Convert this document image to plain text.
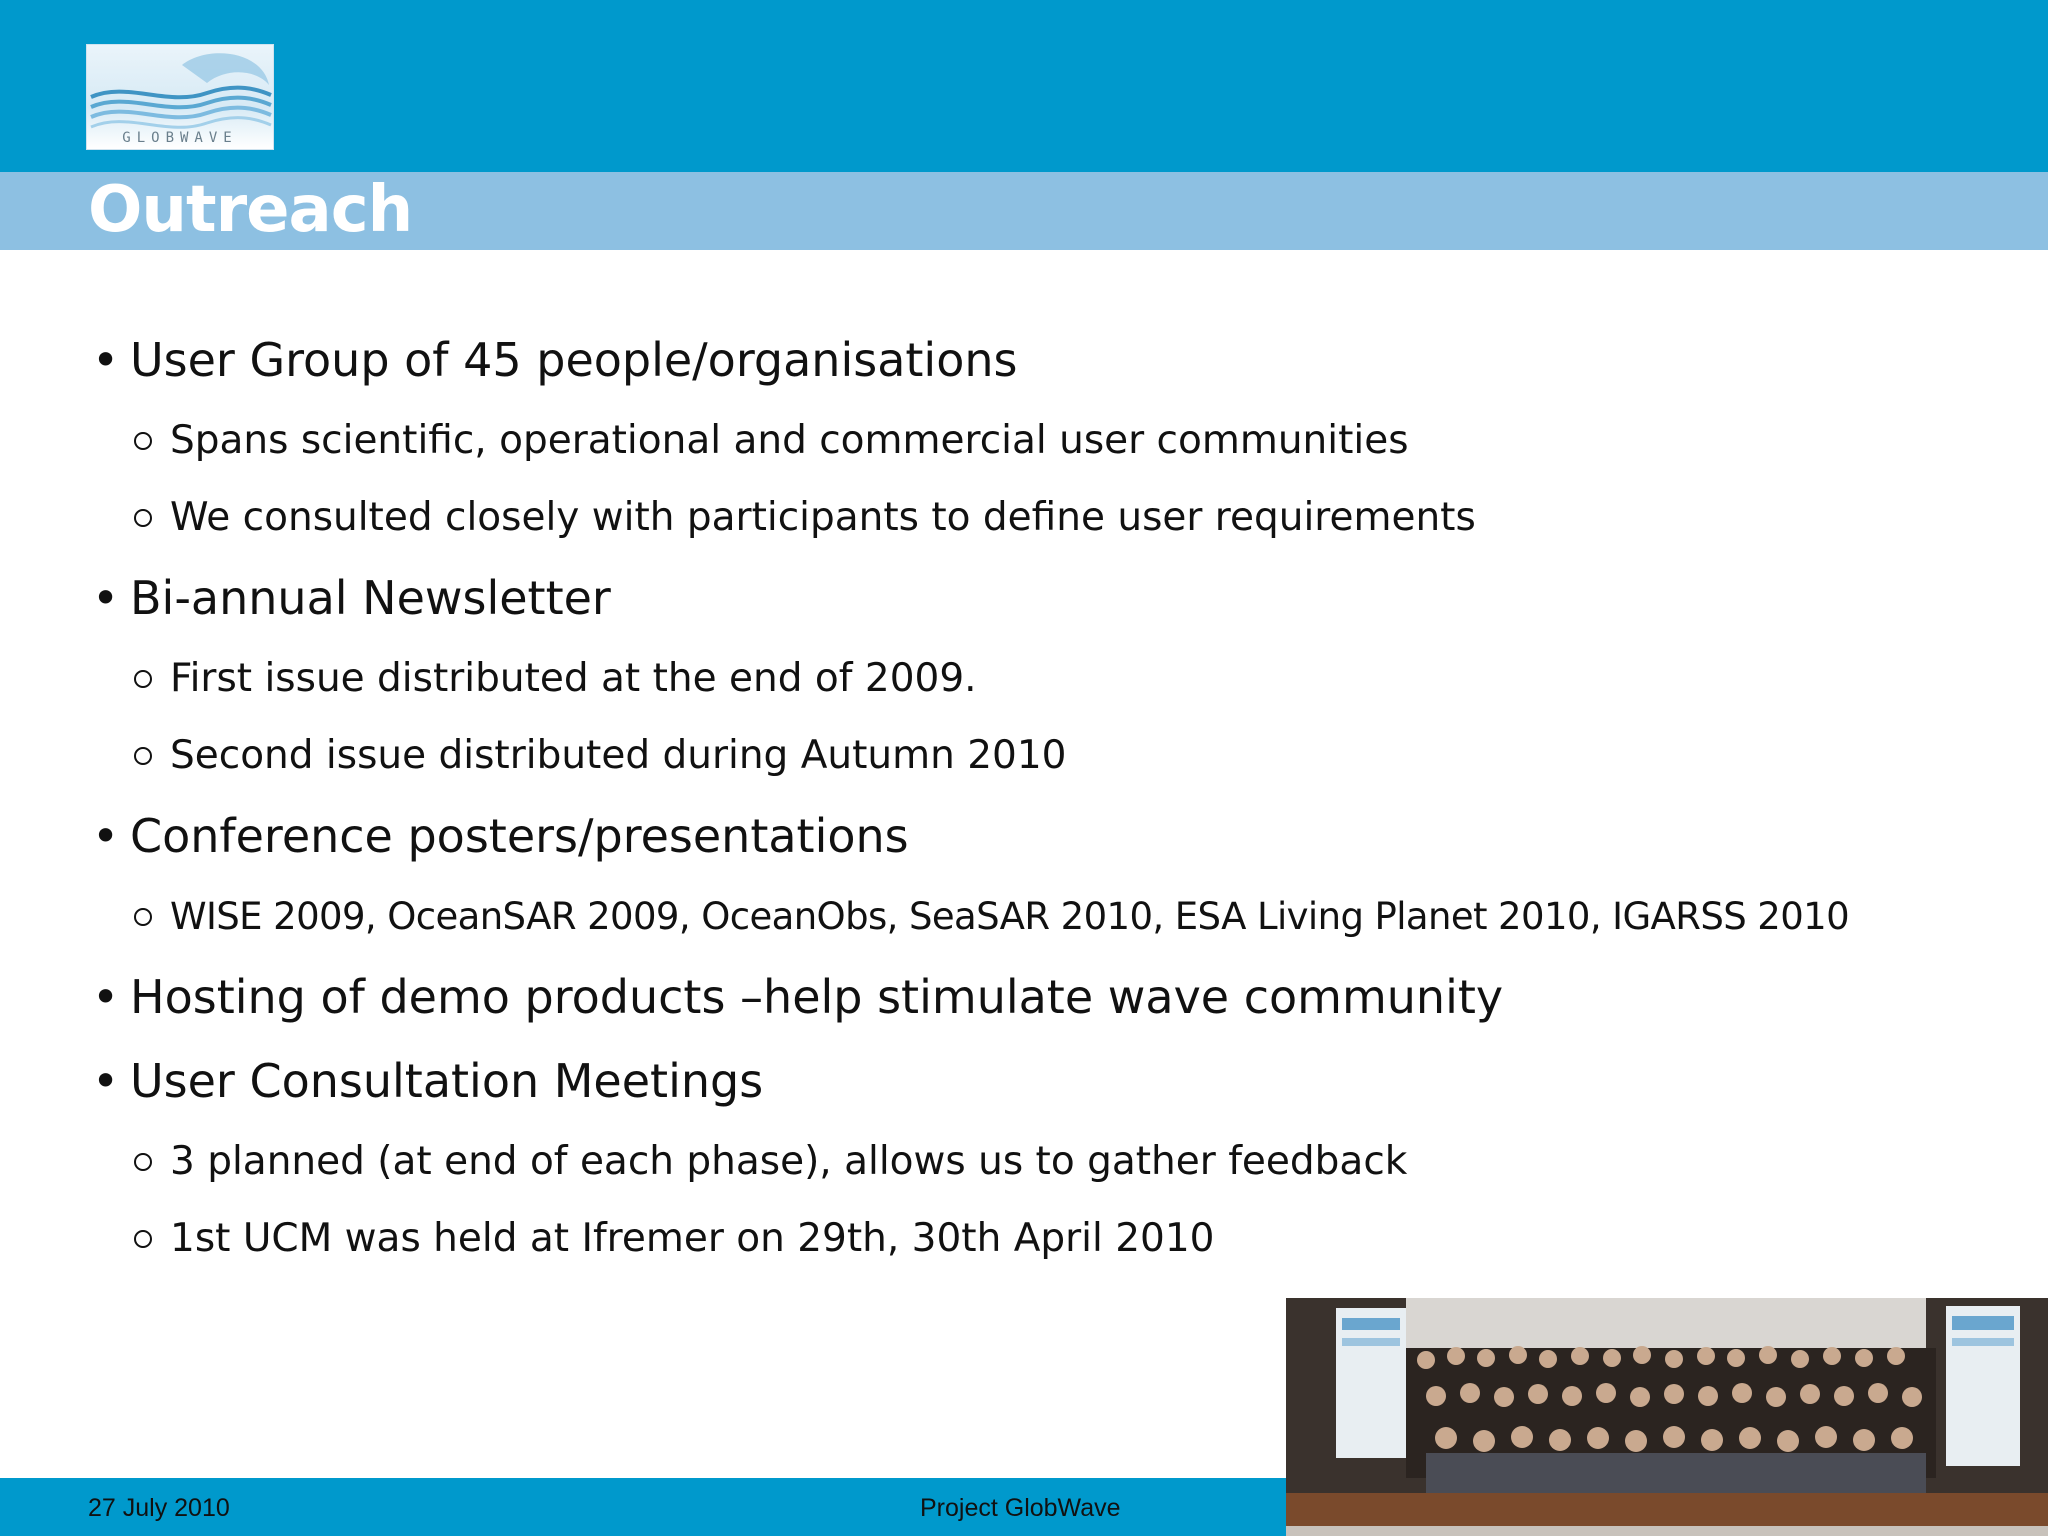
GLOBWAVE
Outreach
• User Group of 45 people/organisations
Spans scientific, operational and commercial user communities
We consulted closely with participants to define user requirements
• Bi-annual Newsletter
First issue distributed at the end of 2009.
Second issue distributed during Autumn 2010
• Conference posters/presentations
WISE 2009, OceanSAR 2009, OceanObs, SeaSAR 2010, ESA Living Planet 2010, IGARSS 2010
• Hosting of demo products –help stimulate wave community
• User Consultation Meetings
3 planned (at end of each phase), allows us to gather feedback
1st UCM was held at Ifremer on 29th, 30th April 2010
27 July 2010	Project GlobWave
